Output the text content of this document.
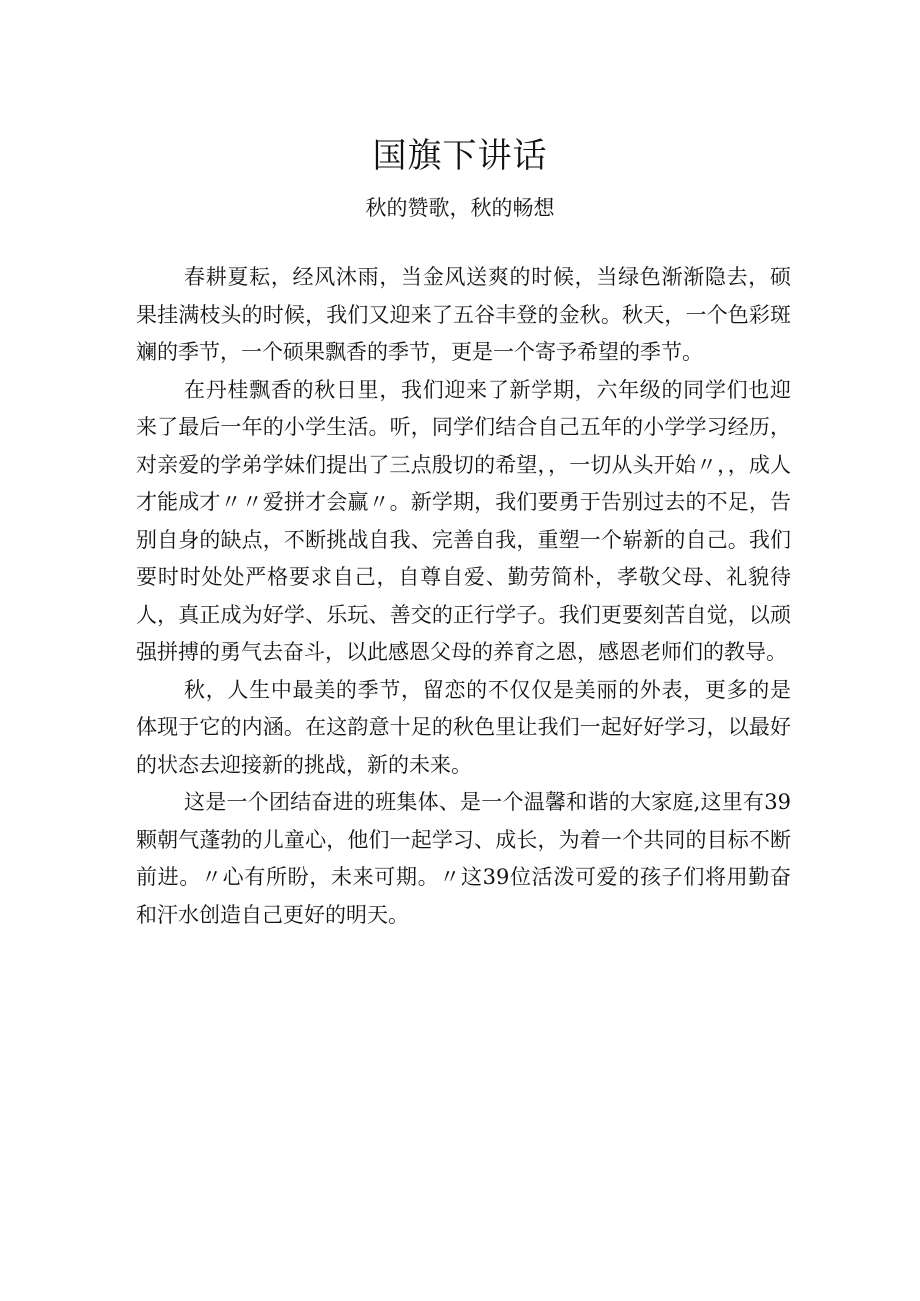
国旗下讲话
秋的赞歌，秋的畅想

春耕夏耘，经风沐雨，当金风送爽的时候，当绿色渐渐隐去，硕果挂满枝头的时候，我们又迎来了五谷丰登的金秋。秋天，一个色彩斑斓的季节，一个硕果飘香的季节，更是一个寄予希望的季节。

在丹桂飘香的秋日里，我们迎来了新学期，六年级的同学们也迎来了最后一年的小学生活。听，同学们结合自己五年的小学学习经历，对亲爱的学弟学妹们提出了三点殷切的希望，，一切从头开始〃，，成人才能成才〃〃爱拼才会赢〃。新学期，我们要勇于告别过去的不足，告别自身的缺点，不断挑战自我、完善自我，重塑一个崭新的自己。我们要时时处处严格要求自己，自尊自爱、勤劳简朴，孝敬父母、礼貌待人，真正成为好学、乐玩、善交的正行学子。我们更要刻苦自觉，以顽强拼搏的勇气去奋斗，以此感恩父母的养育之恩，感恩老师们的教导。

秋，人生中最美的季节，留恋的不仅仅是美丽的外表，更多的是体现于它的内涵。在这韵意十足的秋色里让我们一起好好学习，以最好的状态去迎接新的挑战，新的未来。

这是一个团结奋进的班集体、是一个温馨和谐的大家庭,这里有39颗朝气蓬勃的儿童心，他们一起学习、成长，为着一个共同的目标不断前进。〃心有所盼，未来可期。〃这39位活泼可爱的孩子们将用勤奋和汗水创造自己更好的明天。
